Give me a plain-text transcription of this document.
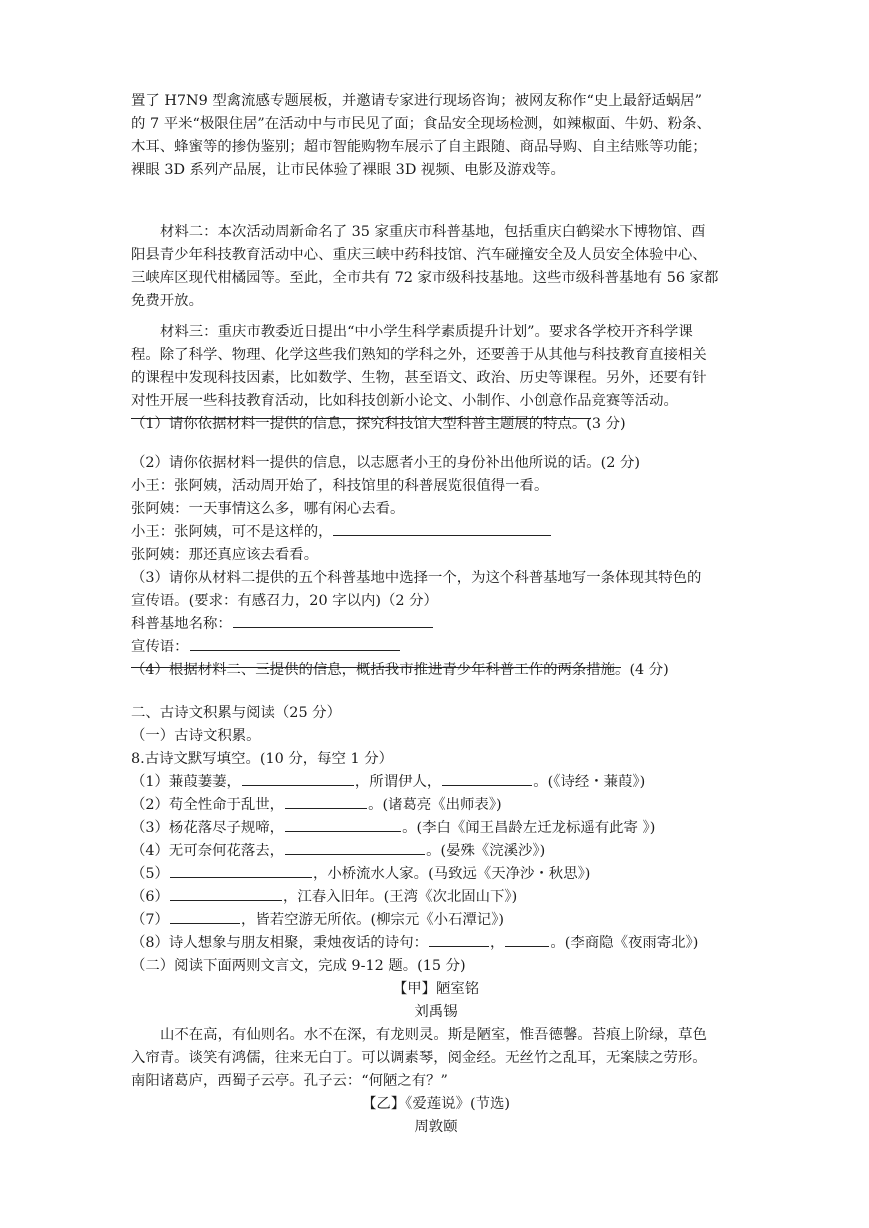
置了 H7N9 型禽流感专题展板，并邀请专家进行现场咨询；被网友称作“史上最舒适蜗居”
的 7 平米“极限住居”在活动中与市民见了面；食品安全现场检测，如辣椒面、牛奶、粉条、
木耳、蜂蜜等的掺伪鉴别；超市智能购物车展示了自主跟随、商品导购、自主结账等功能；
裸眼 3D 系列产品展，让市民体验了裸眼 3D 视频、电影及游戏等。
材料二：本次活动周新命名了 35 家重庆市科普基地，包括重庆白鹤梁水下博物馆、酉
阳县青少年科技教育活动中心、重庆三峡中药科技馆、汽车碰撞安全及人员安全体验中心、
三峡库区现代柑橘园等。至此，全市共有 72 家市级科技基地。这些市级科普基地有 56 家都
免费开放。
材料三：重庆市教委近日提出“中小学生科学素质提升计划”。要求各学校开齐科学课
程。除了科学、物理、化学这些我们熟知的学科之外，还要善于从其他与科技教育直接相关
的课程中发现科技因素，比如数学、生物，甚至语文、政治、历史等课程。另外，还要有针
对性开展一些科技教育活动，比如科技创新小论文、小制作、小创意作品竞赛等活动。
（1）请你依据材料一提供的信息，探究科技馆大型科普主题展的特点。(3 分)
（2）请你依据材料一提供的信息，以志愿者小王的身份补出他所说的话。(2 分)
小王：张阿姨，活动周开始了，科技馆里的科普展览很值得一看。
张阿姨：一天事情这么多，哪有闲心去看。
小王：张阿姨，可不是这样的，
张阿姨：那还真应该去看看。
（3）请你从材料二提供的五个科普基地中选择一个，为这个科普基地写一条体现其特色的
宣传语。(要求：有感召力，20 字以内)（2 分）
科普基地名称：
宣传语：
（4）根据材料二、三提供的信息，概括我市推进青少年科普工作的两条措施。(4 分)
二、古诗文积累与阅读（25 分）
（一）古诗文积累。
8.古诗文默写填空。(10 分，每空 1 分）
（1）蒹葭萋萋，	，所谓伊人，	。(《诗经・蒹葭》)
（2）苟全性命于乱世，	。(诸葛亮《出师表》)
（3）杨花落尽子规啼，	。(李白《闻王昌龄左迁龙标遥有此寄 》)
（4）无可奈何花落去，	。(晏殊《浣溪沙》)
（5）	，小桥流水人家。(马致远《天净沙・秋思》)
（6）	，江春入旧年。(王湾《次北固山下》)
（7）	，皆若空游无所依。(柳宗元《小石潭记》)
（8）诗人想象与朋友相聚，秉烛夜话的诗句：	，	。(李商隐《夜雨寄北》)
（二）阅读下面两则文言文，完成 9-12 题。(15 分)
【甲】陋室铭
刘禹锡
山不在高，有仙则名。水不在深，有龙则灵。斯是陋室，惟吾德馨。苔痕上阶绿，草色
入帘青。谈笑有鸿儒，往来无白丁。可以调素琴，阅金经。无丝竹之乱耳，无案牍之劳形。
南阳诸葛庐，西蜀子云亭。孔子云：“何陋之有？”
【乙】《爱莲说》(节选)
周敦颐
